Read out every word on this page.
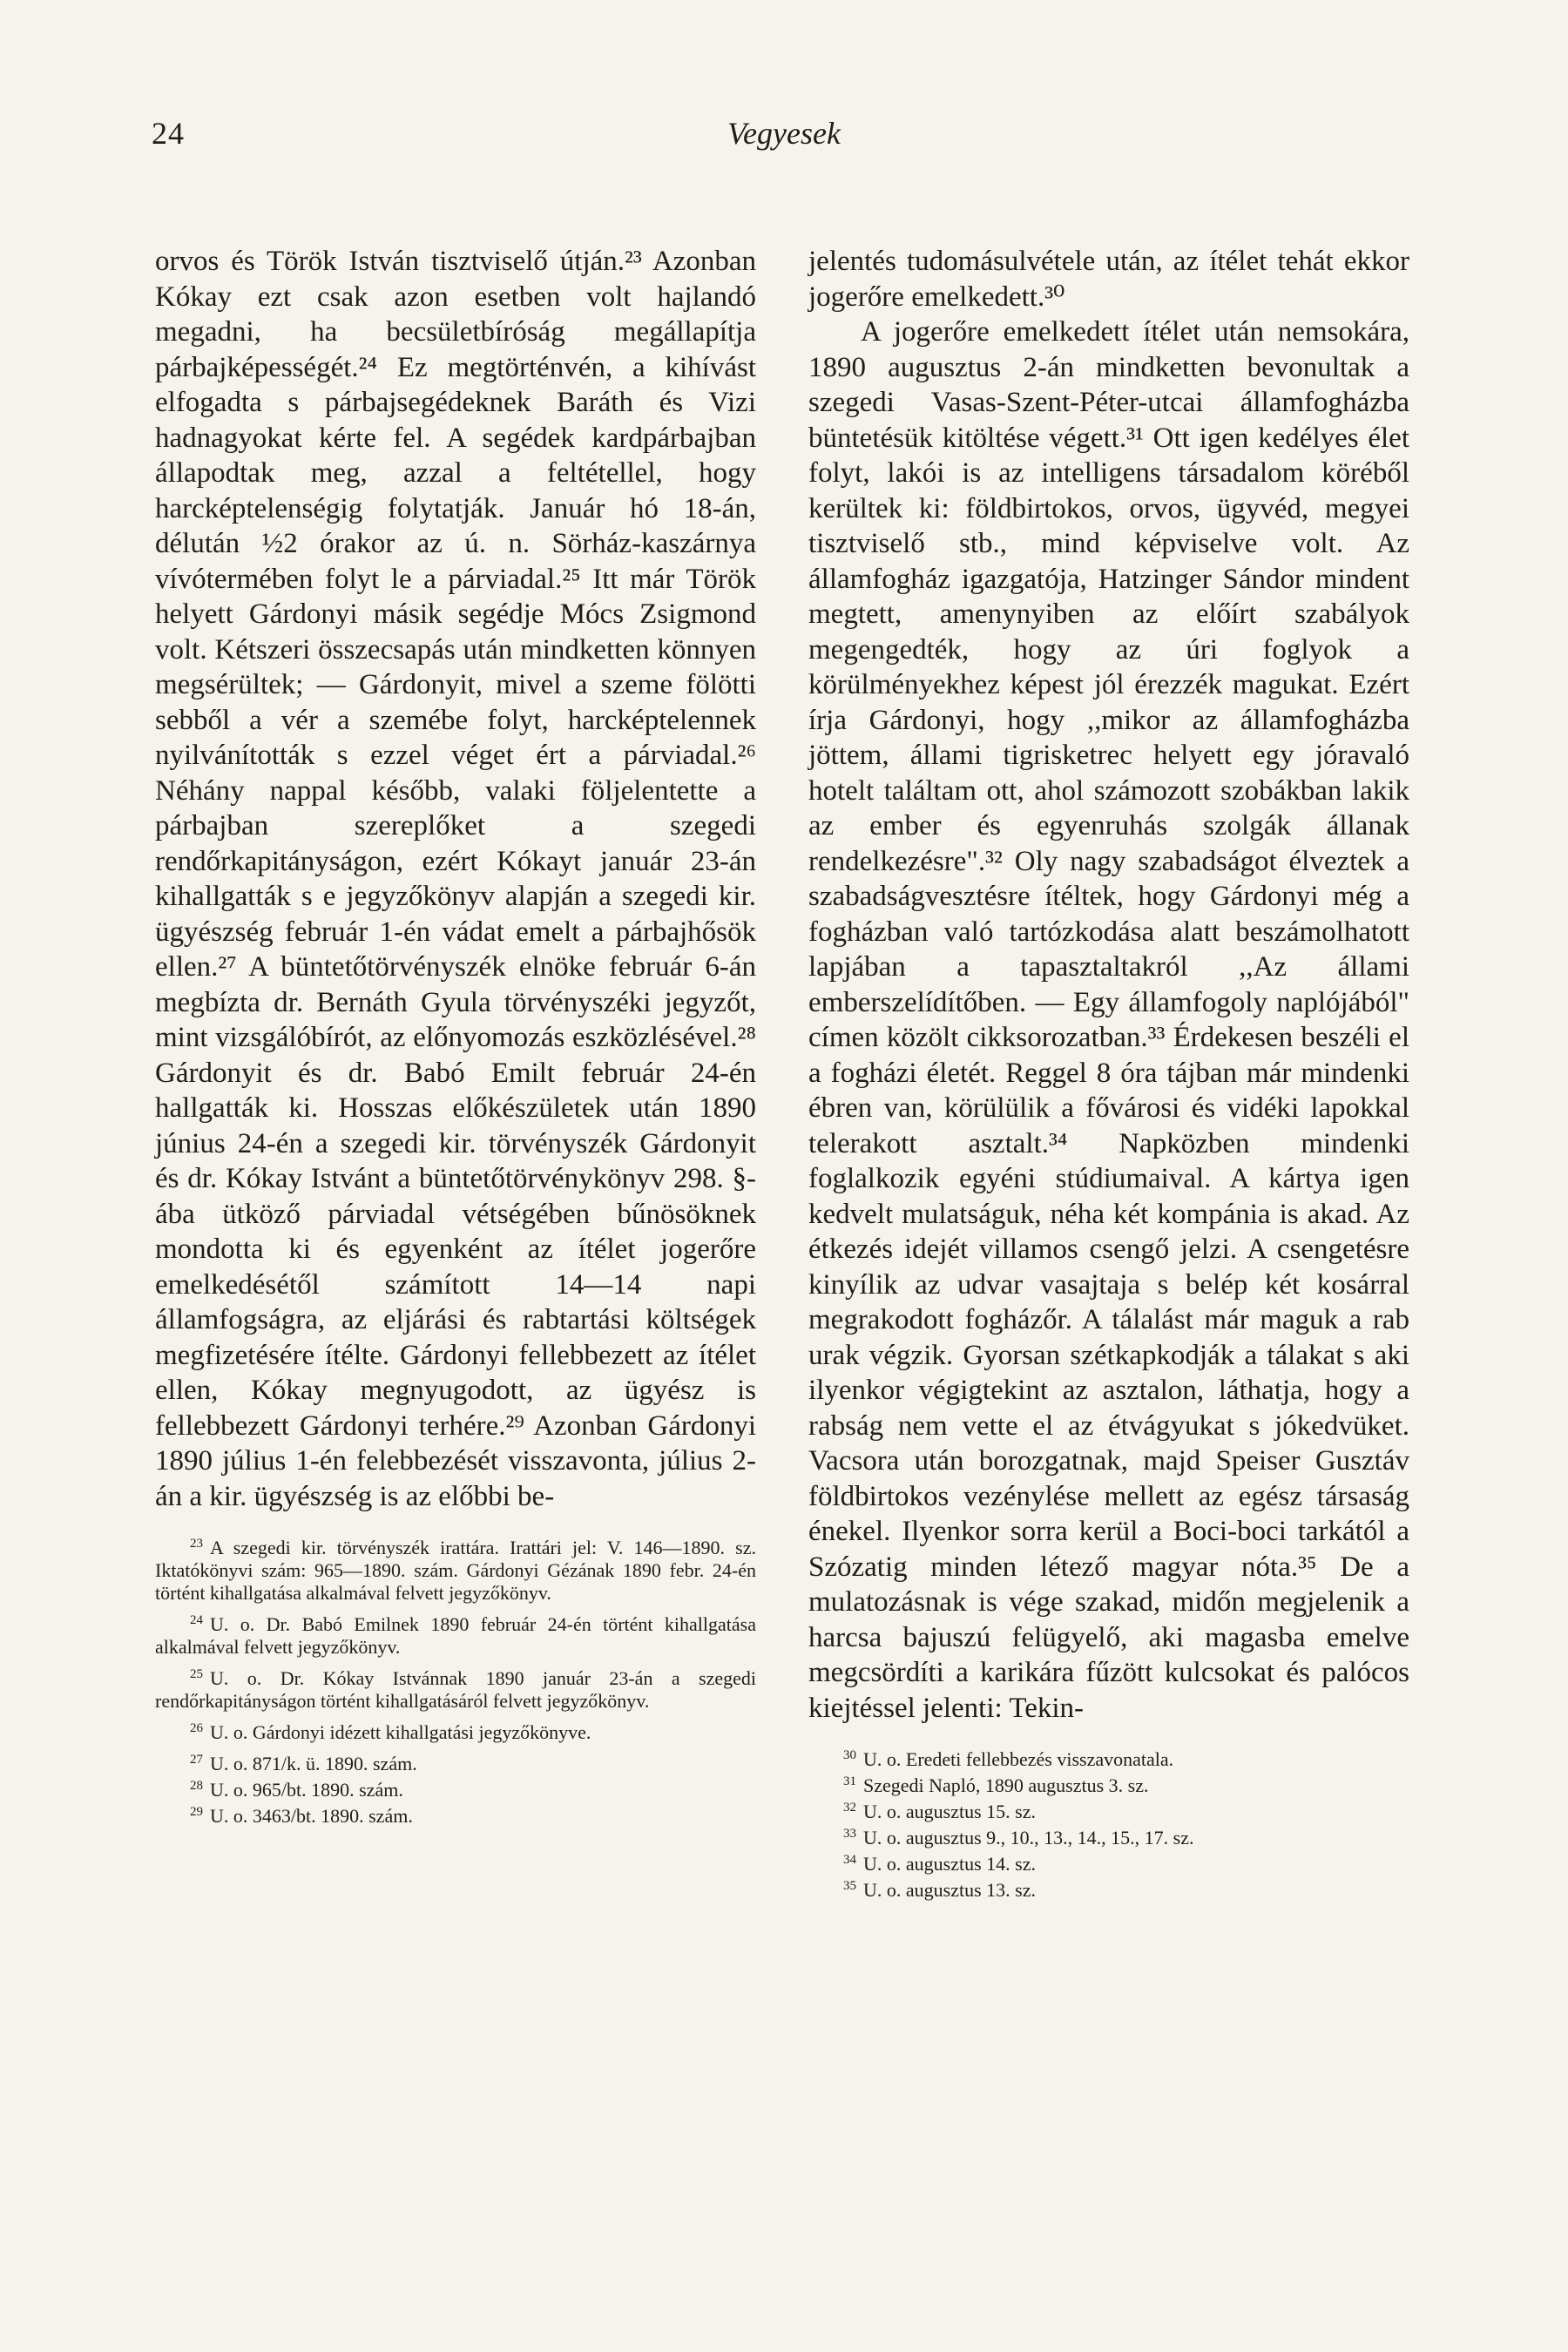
24	Vegyesek

orvos és Török István tisztviselő útján.²³ Azonban Kókay ezt csak azon esetben volt hajlandó megadni, ha becsületbíróság megállapítja párbajképességét.²⁴ Ez megtörténvén, a kihívást elfogadta s párbajsegédeknek Baráth és Vizi hadnagyokat kérte fel. A segédek kardpárbajban állapodtak meg, azzal a feltétellel, hogy harcképtelenségig folytatják. Január hó 18-án, délután ½2 órakor az ú. n. Sörház-kaszárnya vívótermében folyt le a párviadal.²⁵ Itt már Török helyett Gárdonyi másik segédje Mócs Zsigmond volt. Kétszeri összecsapás után mindketten könnyen megsérültek; — Gárdonyit, mivel a szeme fölötti sebből a vér a szemébe folyt, harcképtelennek nyilvánították s ezzel véget ért a párviadal.²⁶ Néhány nappal később, valaki följelentette a párbajban szereplőket a szegedi rendőrkapitányságon, ezért Kókayt január 23-án kihallgatták s e jegyzőkönyv alapján a szegedi kir. ügyészség február 1-én vádat emelt a párbajhősök ellen.²⁷ A büntetőtörvényszék elnöke február 6-án megbízta dr. Bernáth Gyula törvényszéki jegyzőt, mint vizsgálóbírót, az előnyomozás eszközlésével.²⁸ Gárdonyit és dr. Babó Emilt február 24-én hallgatták ki. Hosszas előkészületek után 1890 június 24-én a szegedi kir. törvényszék Gárdonyit és dr. Kókay Istvánt a büntetőtörvénykönyv 298. §-ába ütköző párviadal vétségében bűnösöknek mondotta ki és egyenként az ítélet jogerőre emelkedésétől számított 14—14 napi államfogságra, az eljárási és rabtartási költségek megfizetésére ítélte. Gárdonyi fellebbezett az ítélet ellen, Kókay megnyugodott, az ügyész is fellebbezett Gárdonyi terhére.²⁹ Azonban Gárdonyi 1890 július 1-én felebbezését visszavonta, július 2-án a kir. ügyészség is az előbbi be-

$^{23}$ A szegedi kir. törvényszék irattára. Irattári jel: V. 146—1890. sz. Iktatókönyvi szám: 965—1890. szám. Gárdonyi Gézának 1890 febr. 24-én történt kihallgatása alkalmával felvett jegyzőkönyv.

$^{24}$ U. o. Dr. Babó Emilnek 1890 február 24-én történt kihallgatása alkalmával felvett jegyzőkönyv.

$^{25}$ U. o. Dr. Kókay Istvánnak 1890 január 23-án a szegedi rendőrkapitányságon történt kihallgatásáról felvett jegyzőkönyv.

$^{26}$ U. o. Gárdonyi idézett kihallgatási jegyzőkönyve.

$^{27}$ U. o. 871/k. ü. 1890. szám.

$^{28}$ U. o. 965/bt. 1890. szám.

$^{29}$ U. o. 3463/bt. 1890. szám.

jelentés tudomásulvétele után, az ítélet tehát ekkor jogerőre emelkedett.³⁰

A jogerőre emelkedett ítélet után nemsokára, 1890 augusztus 2-án mindketten bevonultak a szegedi Vasas-Szent-Péter-utcai államfogházba büntetésük kitöltése végett.³¹ Ott igen kedélyes élet folyt, lakói is az intelligens társadalom köréből kerültek ki: földbirtokos, orvos, ügyvéd, megyei tisztviselő stb., mind képviselve volt. Az államfogház igazgatója, Hatzinger Sándor mindent megtett, amenynyiben az előírt szabályok megengedték, hogy az úri foglyok a körülményekhez képest jól érezzék magukat. Ezért írja Gárdonyi, hogy ,,mikor az államfogházba jöttem, állami tigrisketrec helyett egy jóravaló hotelt találtam ott, ahol számozott szobákban lakik az ember és egyenruhás szolgák állanak rendelkezésre".³² Oly nagy szabadságot élveztek a szabadságvesztésre ítéltek, hogy Gárdonyi még a fogházban való tartózkodása alatt beszámolhatott lapjában a tapasztaltakról ,,Az állami emberszelídítőben. — Egy államfogoly naplójából" címen közölt cikksorozatban.³³ Érdekesen beszéli el a fogházi életét. Reggel 8 óra tájban már mindenki ébren van, körülülik a fővárosi és vidéki lapokkal telerakott asztalt.³⁴ Napközben mindenki foglalkozik egyéni stúdiumaival. A kártya igen kedvelt mulatságuk, néha két kompánia is akad. Az étkezés idejét villamos csengő jelzi. A csengetésre kinyílik az udvar vasajtaja s belép két kosárral megrakodott fogházőr. A tálalást már maguk a rab urak végzik. Gyorsan szétkapkodják a tálakat s aki ilyenkor végigtekint az asztalon, láthatja, hogy a rabság nem vette el az étvágyukat s jókedvüket. Vacsora után borozgatnak, majd Speiser Gusztáv földbirtokos vezénylése mellett az egész társaság énekel. Ilyenkor sorra kerül a Boci-boci tarkától a Szózatig minden létező magyar nóta.³⁵ De a mulatozásnak is vége szakad, midőn megjelenik a harcsa bajuszú felügyelő, aki magasba emelve megcsördíti a karikára fűzött kulcsokat és palócos kiejtéssel jelenti: Tekin-

$^{30}$ U. o. Eredeti fellebbezés visszavonatala.

$^{31}$ Szegedi Napló, 1890 augusztus 3. sz.

$^{32}$ U. o. augusztus 15. sz.

$^{33}$ U. o. augusztus 9., 10., 13., 14., 15., 17. sz.

$^{34}$ U. o. augusztus 14. sz.

$^{35}$ U. o. augusztus 13. sz.
